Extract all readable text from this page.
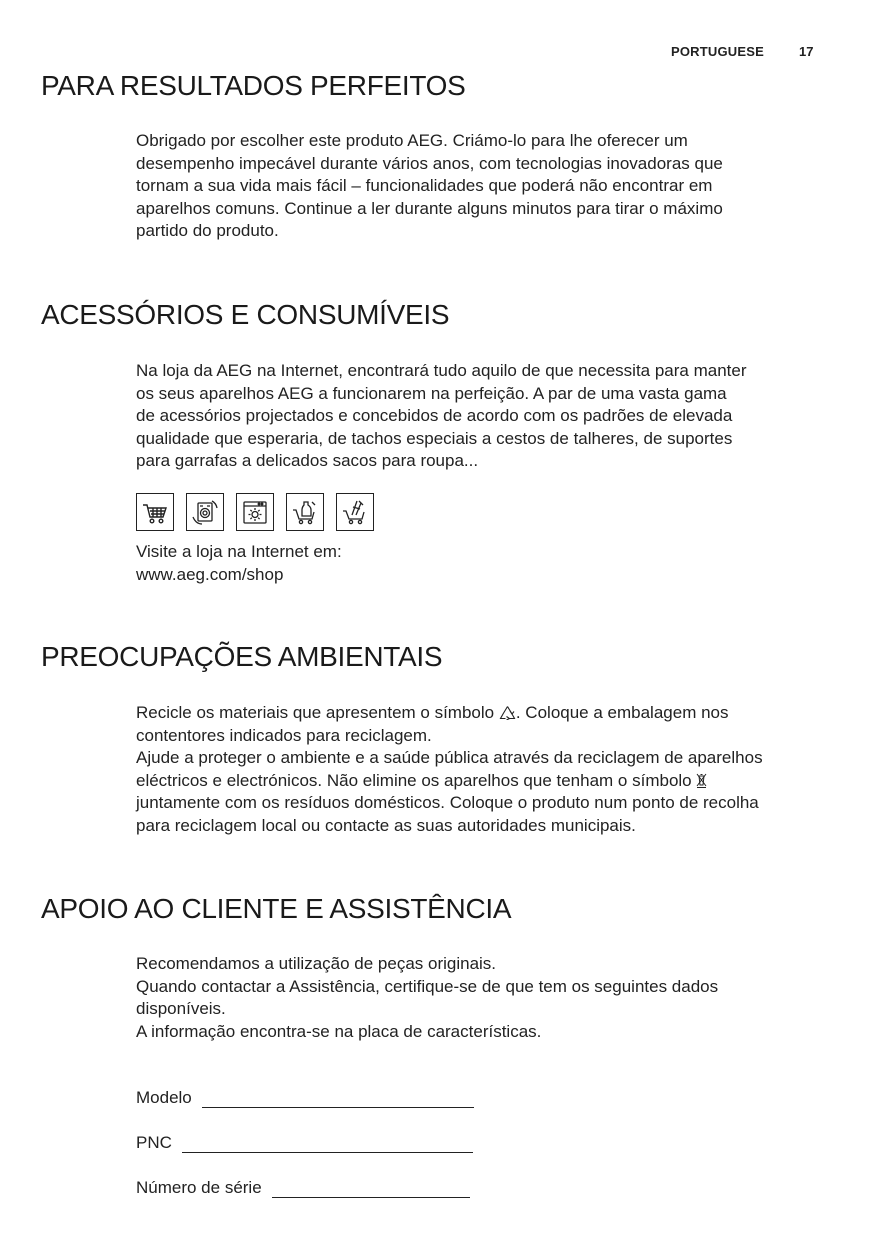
PORTUGUESE	17
PARA RESULTADOS PERFEITOS

Obrigado por escolher este produto AEG. Criámo-lo para lhe oferecer um
desempenho impecável durante vários anos, com tecnologias inovadoras que
tornam a sua vida mais fácil – funcionalidades que poderá não encontrar em
aparelhos comuns. Continue a ler durante alguns minutos para tirar o máximo
partido do produto.

ACESSÓRIOS E CONSUMÍVEIS

Na loja da AEG na Internet, encontrará tudo aquilo de que necessita para manter
os seus aparelhos AEG a funcionarem na perfeição. A par de uma vasta gama
de acessórios projectados e concebidos de acordo com os padrões de elevada
qualidade que esperaria, de tachos especiais a cestos de talheres, de suportes
para garrafas a delicados sacos para roupa...

Visite a loja na Internet em:
www.aeg.com/shop

PREOCUPAÇÕES AMBIENTAIS

Recicle os materiais que apresentem o símbolo . Coloque a embalagem nos
contentores indicados para reciclagem.
Ajude a proteger o ambiente e a saúde pública através da reciclagem de aparelhos
eléctricos e electrónicos. Não elimine os aparelhos que tenham o símbolo
juntamente com os resíduos domésticos. Coloque o produto num ponto de recolha
para reciclagem local ou contacte as suas autoridades municipais.

APOIO AO CLIENTE E ASSISTÊNCIA

Recomendamos a utilização de peças originais.
Quando contactar a Assistência, certifique-se de que tem os seguintes dados
disponíveis.
A informação encontra-se na placa de características.

Modelo
PNC
Número de série
